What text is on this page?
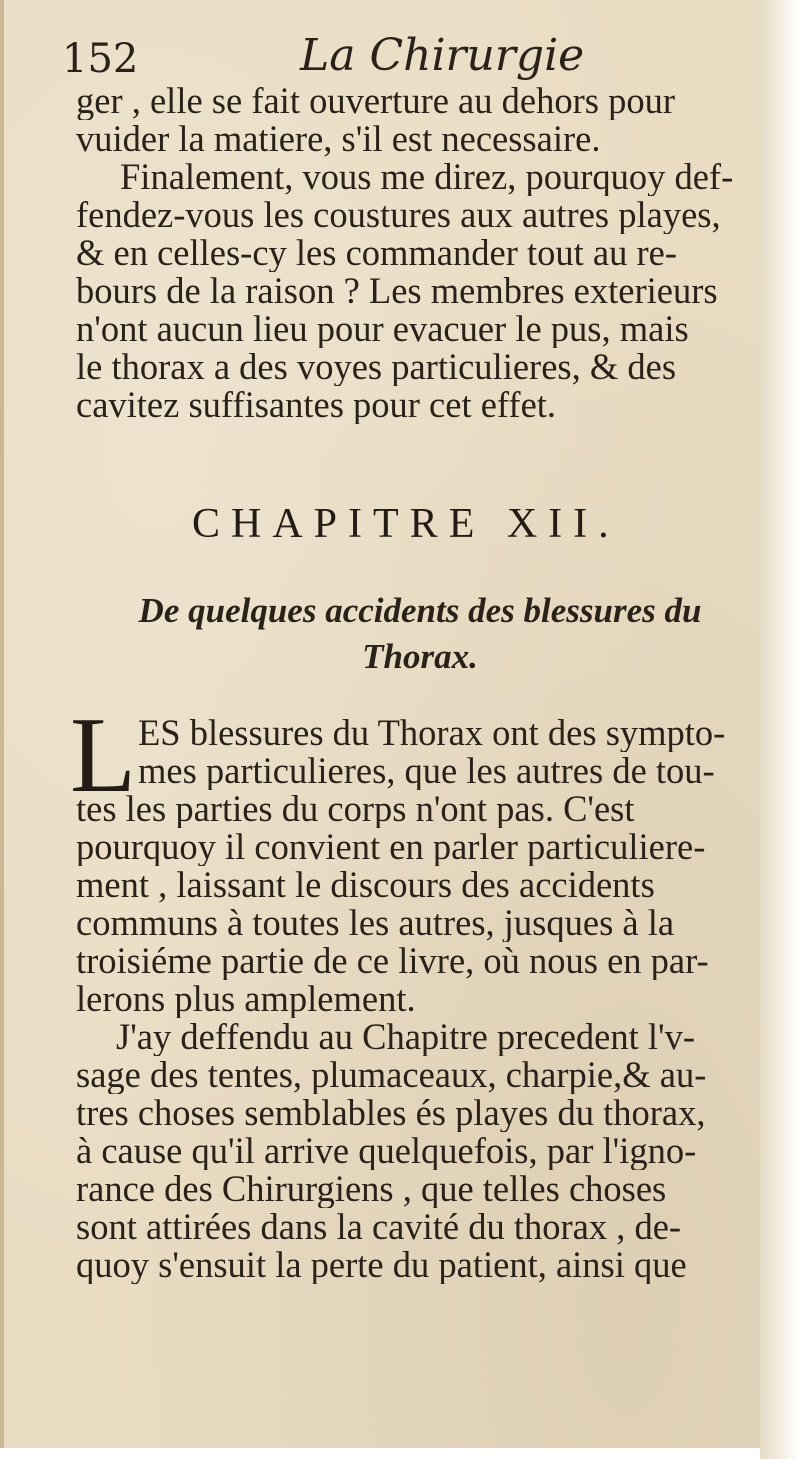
152	La Chirurgie
ger , elle se fait ouverture au dehors pour
vuider la matiere, s'il est necessaire.
Finalement, vous me direz, pourquoy def-
fendez-vous les coustures aux autres playes,
& en celles-cy les commander tout au re-
bours de la raison ? Les membres exterieurs
n'ont aucun lieu pour evacuer le pus, mais
le thorax a des voyes particulieres, & des
cavitez suffisantes pour cet effet.
CHAPITRE XII.
De quelques accidents des blessures du
Thorax.
L ES blessures du Thorax ont des sympto-
mes particulieres, que les autres de tou-
tes les parties du corps n'ont pas. C'est
pourquoy il convient en parler particuliere-
ment , laissant le discours des accidents
communs à toutes les autres, jusques à la
troisiéme partie de ce livre, où nous en par-
lerons plus amplement.
J'ay deffendu au Chapitre precedent l'v-
sage des tentes, plumaceaux, charpie,& au-
tres choses semblables és playes du thorax,
à cause qu'il arrive quelquefois, par l'igno-
rance des Chirurgiens , que telles choses
sont attirées dans la cavité du thorax , de-
quoy s'ensuit la perte du patient, ainsi que
